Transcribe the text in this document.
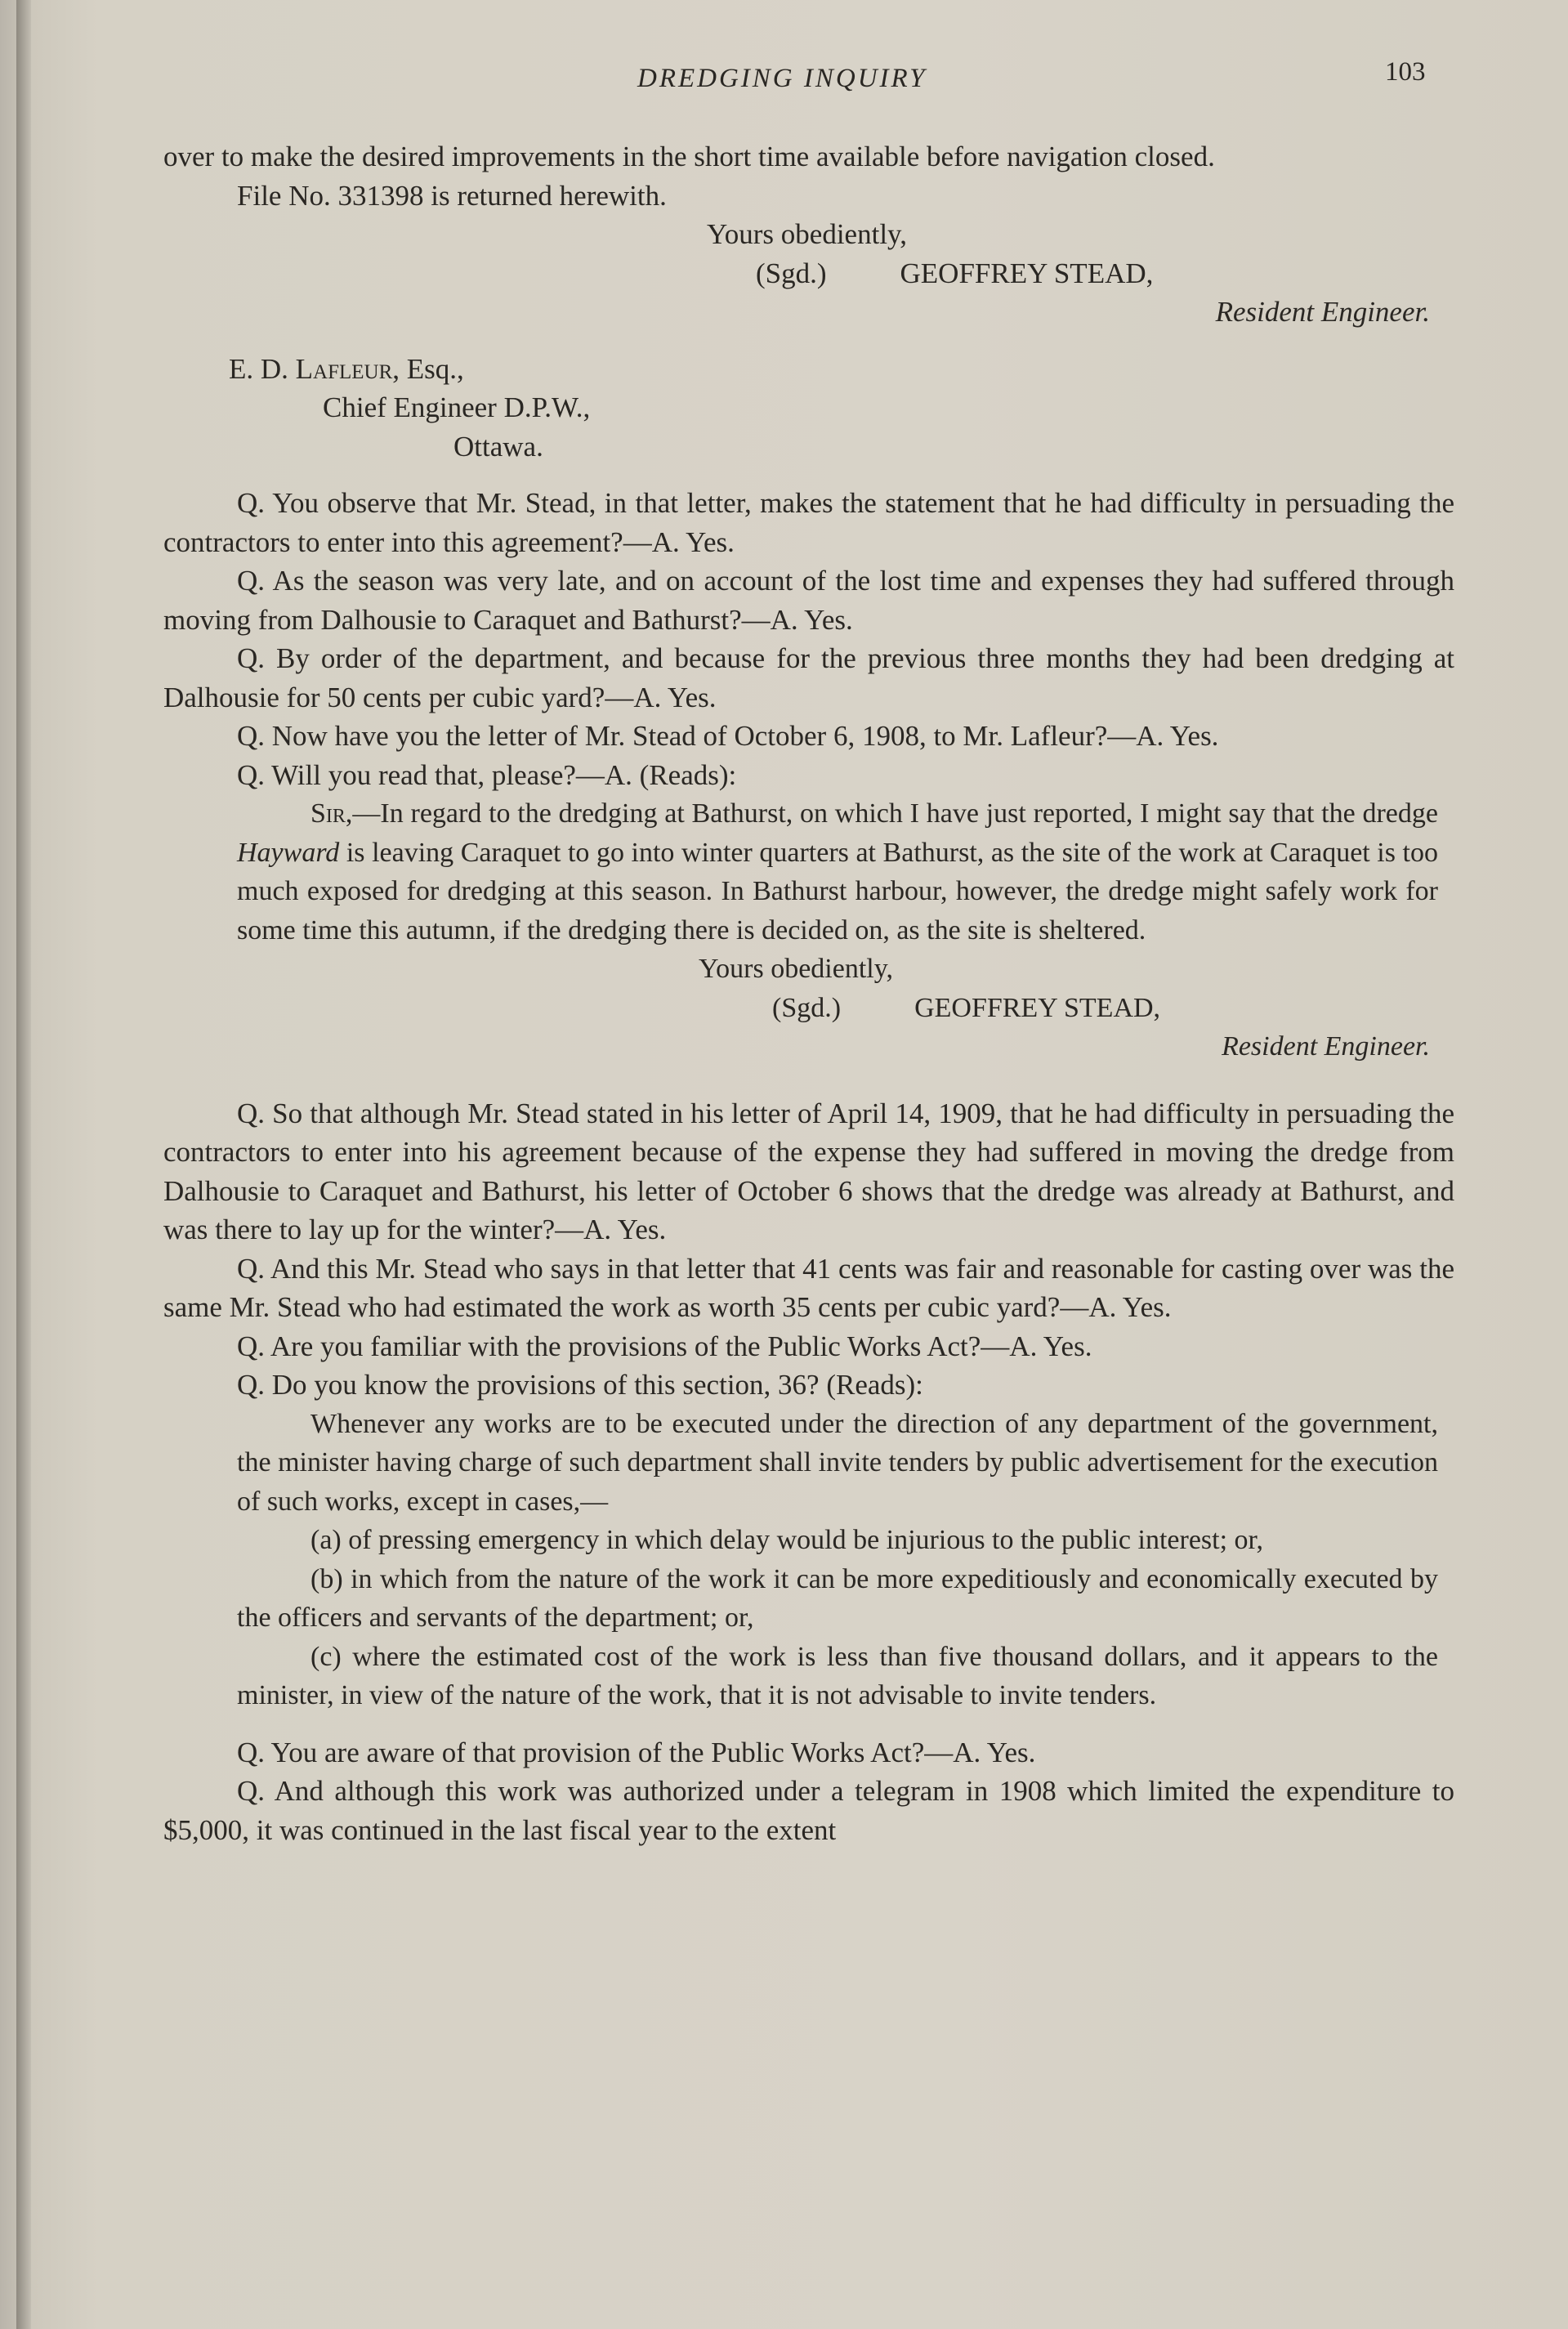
DREDGING INQUIRY	103

over to make the desired improvements in the short time available before navigation closed.

File No. 331398 is returned herewith.

Yours obediently,
(Sgd.)	GEOFFREY STEAD,

Resident Engineer.

E. D. Lafleur, Esq.,
Chief Engineer D.P.W.,
Ottawa.

Q. You observe that Mr. Stead, in that letter, makes the statement that he had difficulty in persuading the contractors to enter into this agreement?—A. Yes.

Q. As the season was very late, and on account of the lost time and expenses they had suffered through moving from Dalhousie to Caraquet and Bathurst?—A. Yes.

Q. By order of the department, and because for the previous three months they had been dredging at Dalhousie for 50 cents per cubic yard?—A. Yes.

Q. Now have you the letter of Mr. Stead of October 6, 1908, to Mr. Lafleur?—A. Yes.

Q. Will you read that, please?—A. (Reads):

Sir,—In regard to the dredging at Bathurst, on which I have just reported, I might say that the dredge Hayward is leaving Caraquet to go into winter quarters at Bathurst, as the site of the work at Caraquet is too much exposed for dredging at this season. In Bathurst harbour, however, the dredge might safely work for some time this autumn, if the dredging there is decided on, as the site is sheltered.

Yours obediently,
(Sgd.)	GEOFFREY STEAD,

Resident Engineer.

Q. So that although Mr. Stead stated in his letter of April 14, 1909, that he had difficulty in persuading the contractors to enter into his agreement because of the expense they had suffered in moving the dredge from Dalhousie to Caraquet and Bathurst, his letter of October 6 shows that the dredge was already at Bathurst, and was there to lay up for the winter?—A. Yes.

Q. And this Mr. Stead who says in that letter that 41 cents was fair and reasonable for casting over was the same Mr. Stead who had estimated the work as worth 35 cents per cubic yard?—A. Yes.

Q. Are you familiar with the provisions of the Public Works Act?—A. Yes.

Q. Do you know the provisions of this section, 36? (Reads):

Whenever any works are to be executed under the direction of any department of the government, the minister having charge of such department shall invite tenders by public advertisement for the execution of such works, except in cases,—

(a) of pressing emergency in which delay would be injurious to the public interest; or,

(b) in which from the nature of the work it can be more expeditiously and economically executed by the officers and servants of the department; or,

(c) where the estimated cost of the work is less than five thousand dollars, and it appears to the minister, in view of the nature of the work, that it is not advisable to invite tenders.

Q. You are aware of that provision of the Public Works Act?—A. Yes.

Q. And although this work was authorized under a telegram in 1908 which limited the expenditure to $5,000, it was continued in the last fiscal year to the extent
